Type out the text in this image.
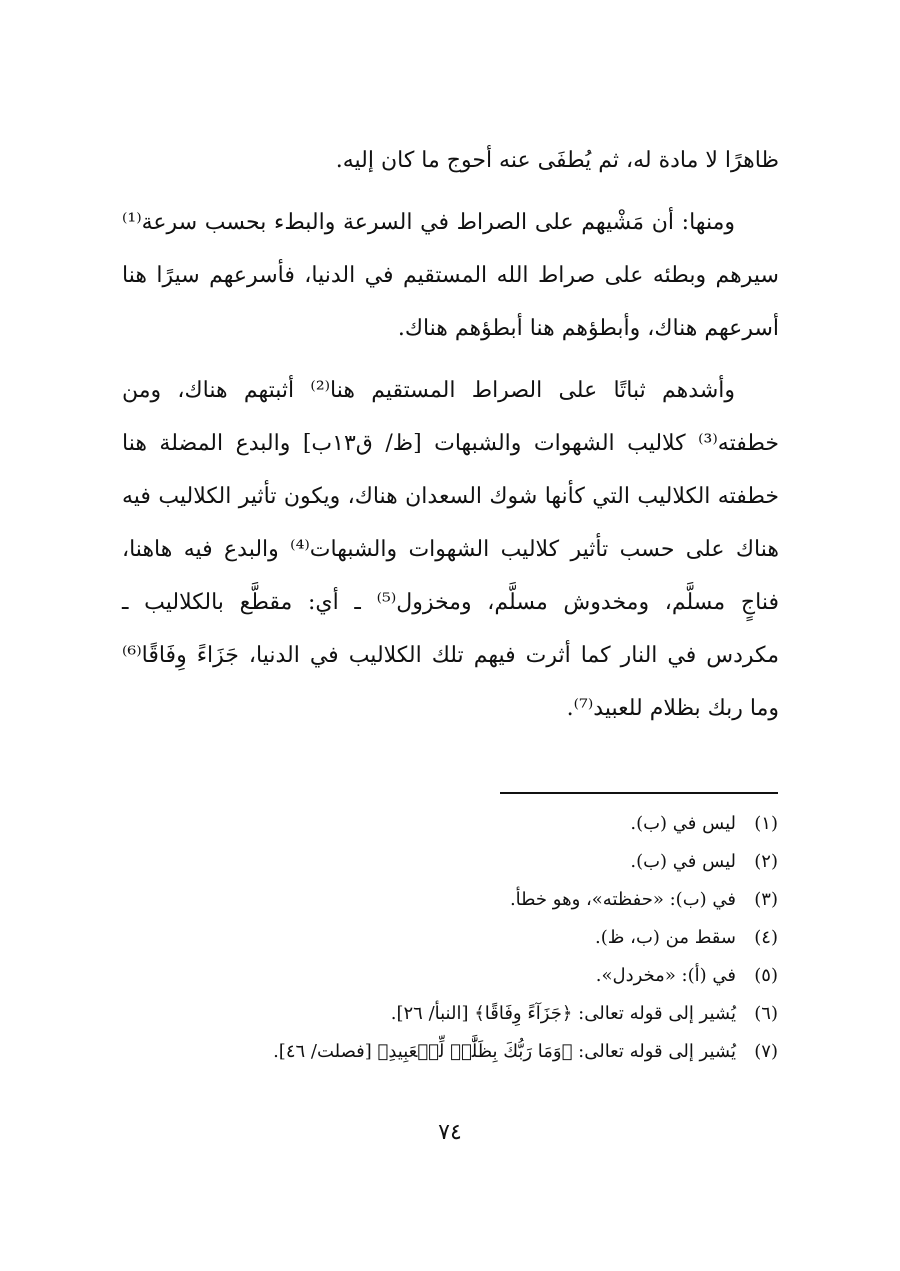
ظاهرًا لا مادة له، ثم يُطفَى عنه أحوج ما كان إليه.

ومنها: أن مَشْيهم على الصراط في السرعة والبطء بحسب سرعة⁽¹⁾ سيرهم وبطئه على صراط الله المستقيم في الدنيا، فأسرعهم سيرًا هنا أسرعهم هناك، وأبطؤهم هنا أبطؤهم هناك.

وأشدهم ثباتًا على الصراط المستقيم هنا⁽²⁾ أثبتهم هناك، ومن خطفته⁽³⁾ كلاليب الشهوات والشبهات [ظ/ ق١٣ب] والبدع المضلة هنا خطفته الكلاليب التي كأنها شوك السعدان هناك، ويكون تأثير الكلاليب فيه هناك على حسب تأثير كلاليب الشهوات والشبهات⁽⁴⁾ والبدع فيه هاهنا، فناجٍ مسلَّم، ومخدوش مسلَّم، ومخزول⁽⁵⁾ ـ أي: مقطَّع بالكلاليب ـ مكردس في النار كما أثرت فيهم تلك الكلاليب في الدنيا، جَزَاءً وِفَاقًا⁽⁶⁾ وما ربك بظلام للعبيد⁽⁷⁾.

(١)ليس في (ب).
(٢)ليس في (ب).
(٣)في (ب): «حفظته»، وهو خطأ.
(٤)سقط من (ب، ظ).
(٥)في (أ): «مخردل».
(٦)يُشير إلى قوله تعالى: ﴿جَزَآءً وِفَاقًا﴾ [النبأ/ ٢٦].
(٧)يُشير إلى قوله تعالى: ﴿وَمَا رَبُّكَ بِظَلَّٰمٖ لِّلۡعَبِيدِ﴾ [فصلت/ ٤٦].
٧٤
